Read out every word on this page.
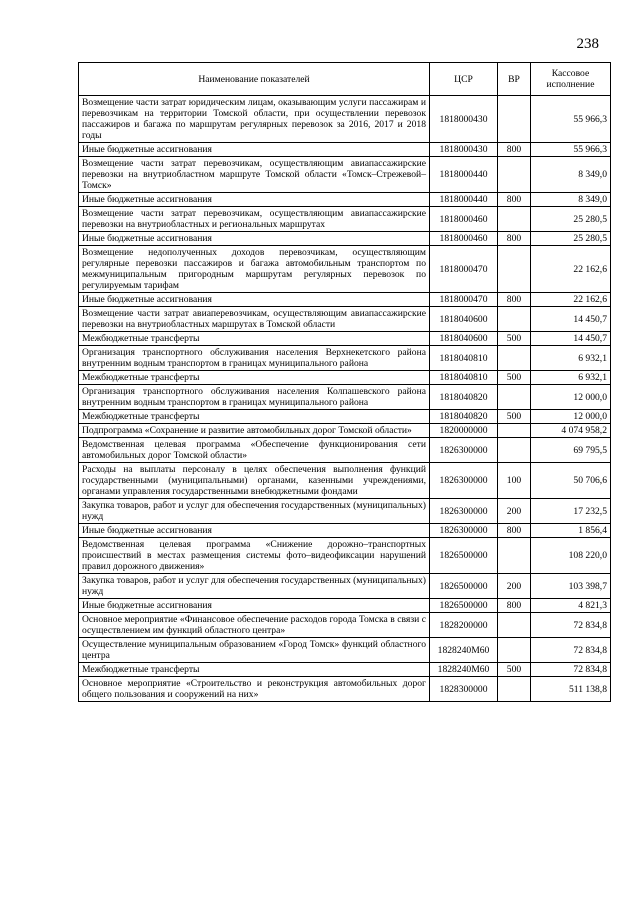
238
Наименование показателей	ЦСР	ВР	Кассовое исполнение
Возмещение части затрат юридическим лицам, оказывающим услуги пассажирам и перевозчикам на территории Томской области, при осуществлении перевозок пассажиров и багажа по маршрутам регулярных перевозок за 2016, 2017 и 2018 годы	1818000430		55 966,3
Иные бюджетные ассигнования	1818000430	800	55 966,3
Возмещение части затрат перевозчикам, осуществляющим авиапассажирские перевозки на внутриобластном маршруте Томской области «Томск–Стрежевой–Томск»	1818000440		8 349,0
Иные бюджетные ассигнования	1818000440	800	8 349,0
Возмещение части затрат перевозчикам, осуществляющим авиапассажирские перевозки на внутриобластных и региональных маршрутах	1818000460		25 280,5
Иные бюджетные ассигнования	1818000460	800	25 280,5
Возмещение недополученных доходов перевозчикам, осуществляющим регулярные перевозки пассажиров и багажа автомобильным транспортом по межмуниципальным пригородным маршрутам регулярных перевозок по регулируемым тарифам	1818000470		22 162,6
Иные бюджетные ассигнования	1818000470	800	22 162,6
Возмещение части затрат авиаперевозчикам, осуществляющим авиапассажирские перевозки на внутриобластных маршрутах в Томской области	1818040600		14 450,7
Межбюджетные трансферты	1818040600	500	14 450,7
Организация транспортного обслуживания населения Верхнекетского района внутренним водным транспортом в границах муниципального района	1818040810		6 932,1
Межбюджетные трансферты	1818040810	500	6 932,1
Организация транспортного обслуживания населения Колпашевского района внутренним водным транспортом в границах муниципального района	1818040820		12 000,0
Межбюджетные трансферты	1818040820	500	12 000,0
Подпрограмма «Сохранение и развитие автомобильных дорог Томской области»	1820000000		4 074 958,2
Ведомственная целевая программа «Обеспечение функционирования сети автомобильных дорог Томской области»	1826300000		69 795,5
Расходы на выплаты персоналу в целях обеспечения выполнения функций государственными (муниципальными) органами, казенными учреждениями, органами управления государственными внебюджетными фондами	1826300000	100	50 706,6
Закупка товаров, работ и услуг для обеспечения государственных (муниципальных) нужд	1826300000	200	17 232,5
Иные бюджетные ассигнования	1826300000	800	1 856,4
Ведомственная целевая программа «Снижение дорожно–транспортных происшествий в местах размещения системы фото–видеофиксации нарушений правил дорожного движения»	1826500000		108 220,0
Закупка товаров, работ и услуг для обеспечения государственных (муниципальных) нужд	1826500000	200	103 398,7
Иные бюджетные ассигнования	1826500000	800	4 821,3
Основное мероприятие «Финансовое обеспечение расходов города Томска в связи с осуществлением им функций областного центра»	1828200000		72 834,8
Осуществление муниципальным образованием «Город Томск» функций областного центра	1828240M60		72 834,8
Межбюджетные трансферты	1828240M60	500	72 834,8
Основное мероприятие «Строительство и реконструкция автомобильных дорог общего пользования и сооружений на них»	1828300000		511 138,8
